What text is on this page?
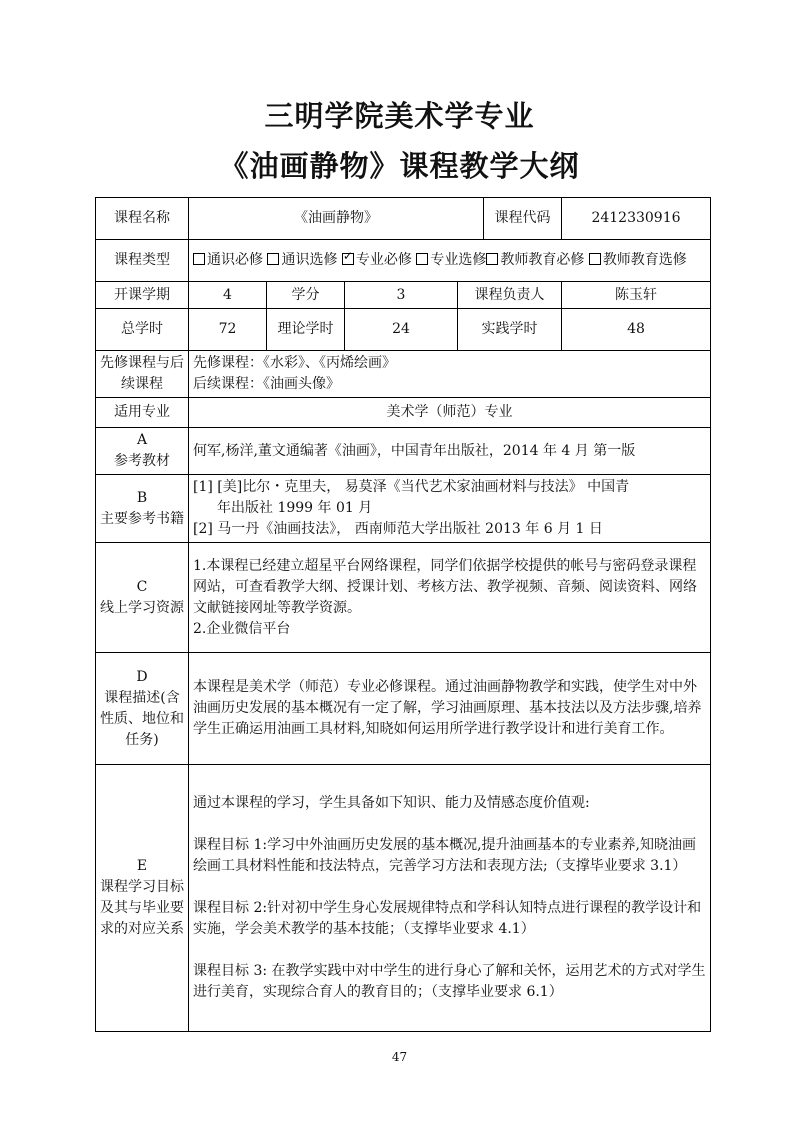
三明学院美术学专业
《油画静物》课程教学大纲
课程名称	《油画静物》				课程代码	2412330916
课程类型	通识必修 通识选修 ✓ 专业必修 专业选修 教师教育必修 教师教育选修
开课学期	4	学分	3	课程负责人		陈玉轩
总学时	72	理论学时	24	实践学时		48
先修课程与后续课程	先修课程：《水彩》、《丙烯绘画》
后续课程：《油画头像》					

适用专业	美术学（师范）专业					

A
参考教材	何军,杨洋,董文通编著《油画》，中国青年出版社，2014 年 4 月 第一版					

B
主要参考书籍	[1] [美]比尔・克里夫， 易莫泽《当代艺术家油画材料与技法》 中国青
年出版社 1999 年 01 月
[2] 马一丹《油画技法》， 西南师范大学出版社 2013 年 6 月 1 日					

C
线上学习资源	1.本课程已经建立超星平台网络课程，同学们依据学校提供的帐号与密码登录课程网站，可查看教学大纲、授课计划、考核方法、教学视频、音频、阅读资料、网络文献链接网址等教学资源。
2.企业微信平台					

D
课程描述(含性质、地位和任务)	本课程是美术学（师范）专业必修课程。通过油画静物教学和实践，使学生对中外油画历史发展的基本概况有一定了解，学习油画原理、基本技法以及方法步骤,培养学生正确运用油画工具材料,知晓如何运用所学进行教学设计和进行美育工作。					

E
课程学习目标及其与毕业要求的对应关系	通过本课程的学习，学生具备如下知识、能力及情感态度价值观:
课程目标 1:学习中外油画历史发展的基本概况,提升油画基本的专业素养,知晓油画绘画工具材料性能和技法特点，完善学习方法和表现方法;（支撑毕业要求 3.1）
课程目标 2:针对初中学生身心发展规律特点和学科认知特点进行课程的教学设计和实施，学会美术教学的基本技能；（支撑毕业要求 4.1）
课程目标 3: 在教学实践中对中学生的进行身心了解和关怀，运用艺术的方式对学生进行美育，实现综合育人的教育目的；（支撑毕业要求 6.1）					
47
